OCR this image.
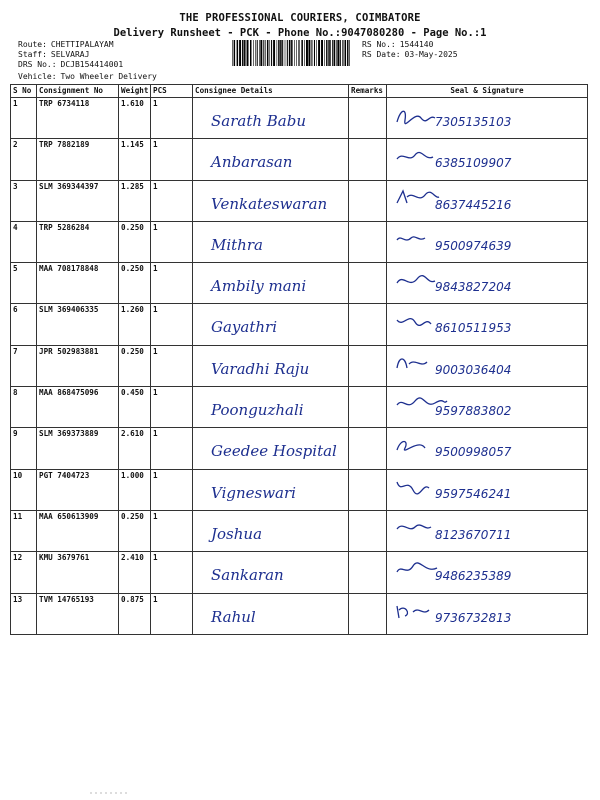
THE PROFESSIONAL COURIERS, COIMBATORE
Delivery Runsheet - PCK - Phone No.:9047080280 - Page No.:1
Route: CHETTIPALAYAM
Staff: SELVARAJ
DRS No.: DCJB154414001
RS No.: 1544140
RS Date: 03-May-2025
Vehicle: Two Wheeler Delivery
S No	Consignment No	Weight	PCS	Consignee Details	Remarks	Seal & Signature
1	TRP 6734118	1.610	1	Sarath Babu		7305135103

2	TRP 7882189	1.145	1	Anbarasan		6385109907

3	SLM 369344397	1.285	1	Venkateswaran		8637445216

4	TRP 5286284	0.250	1	Mithra		9500974639

5	MAA 708178848	0.250	1	Ambily mani		9843827204

6	SLM 369406335	1.260	1	Gayathri		8610511953

7	JPR 502983881	0.250	1	Varadhi Raju		9003036404

8	MAA 868475096	0.450	1	Poonguzhali		9597883802

9	SLM 369373889	2.610	1	Geedee Hospital		9500998057

10	PGT 7404723	1.000	1	Vigneswari		9597546241

11	MAA 650613909	0.250	1	Joshua		8123670711

12	KMU 3679761	2.410	1	Sankaran		9486235389

13	TVM 14765193	0.875	1	Rahul		9736732813
